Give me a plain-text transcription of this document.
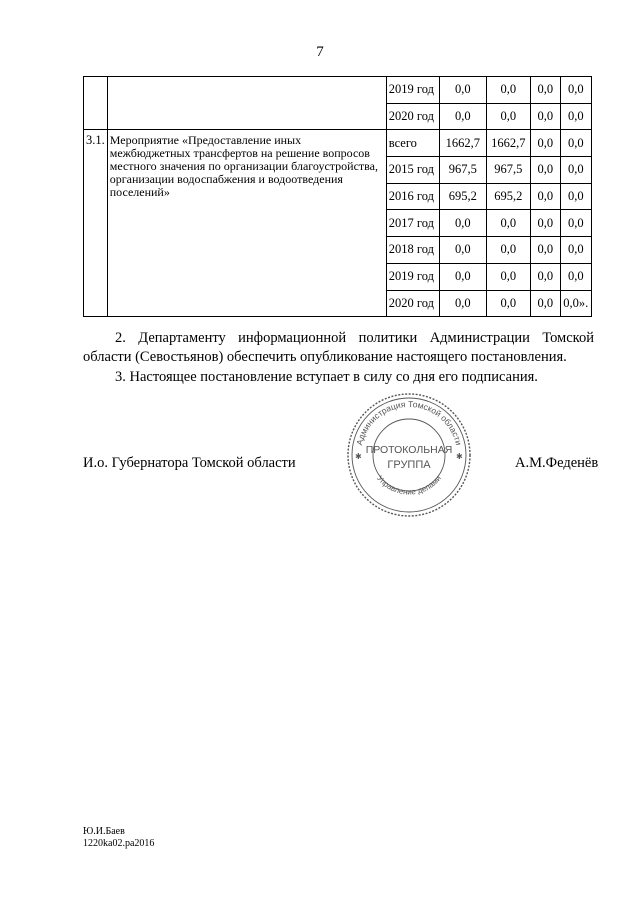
7
		2019 год	0,0	0,0	0,0	0,0
		2020 год	0,0	0,0	0,0	0,0
3.1.	Мероприятие «Предоставление иных межбюджетных трансфертов на решение вопросов местного значения по организации благоустройства, организации водоспабжения и водоотведения поселений»	всего	1662,7	1662,7	0,0	0,0
		2015 год	967,5	967,5	0,0	0,0
		2016 год	695,2	695,2	0,0	0,0
		2017 год	0,0	0,0	0,0	0,0
		2018 год	0,0	0,0	0,0	0,0
		2019 год	0,0	0,0	0,0	0,0
		2020 год	0,0	0,0	0,0	0,0».
2. Департаменту информационной политики Администрации Томской области (Севостьянов) обеспечить опубликование настоящего постановления.
3. Настоящее постановление вступает в силу со дня его подписания.
И.о. Губернатора Томской области	А.М.Феденёв
Администрация Томской области
Управление делами
ПРОТОКОЛЬНАЯ
ГРУППА
✱	✱
Ю.И.Баев
1220ka02.pa2016
